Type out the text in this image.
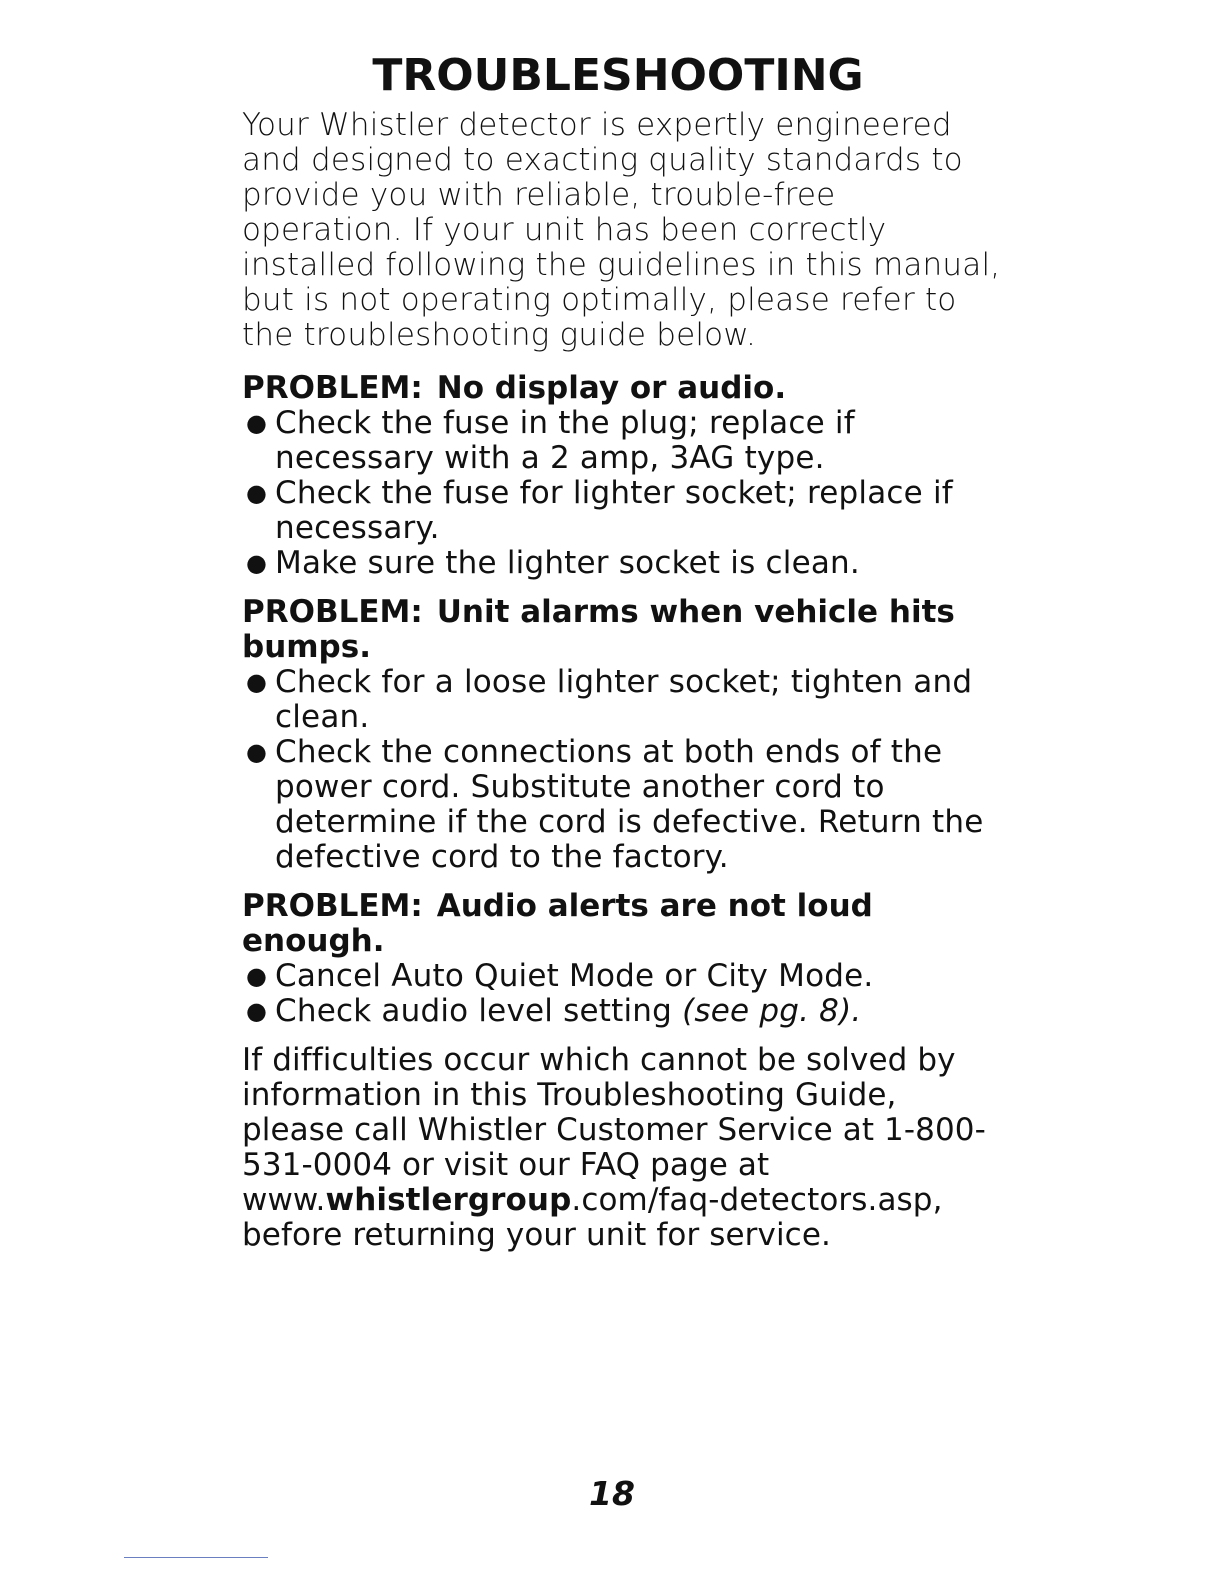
TROUBLESHOOTING

Your Whistler detector is expertly engineered and designed to exacting quality standards to provide you with reliable, trouble-free operation. If your unit has been correctly installed following the guidelines in this manual, but is not operating optimally, please refer to the troubleshooting guide below.

PROBLEM: No display or audio.

● Check the fuse in the plug; replace if necessary with a 2 amp, 3AG type.
● Check the fuse for lighter socket; replace if necessary.
● Make sure the lighter socket is clean.

PROBLEM: Unit alarms when vehicle hits bumps.

● Check for a loose lighter socket; tighten and clean.
● Check the connections at both ends of the power cord. Substitute another cord to determine if the cord is defective. Return the defective cord to the factory.

PROBLEM: Audio alerts are not loud enough.

● Cancel Auto Quiet Mode or City Mode.
● Check audio level setting (see pg. 8).

If difficulties occur which cannot be solved by information in this Troubleshooting Guide, please call Whistler Customer Service at 1-800-531-0004 or visit our FAQ page at www.whistlergroup.com/faq-detectors.asp, before returning your unit for service.

18
